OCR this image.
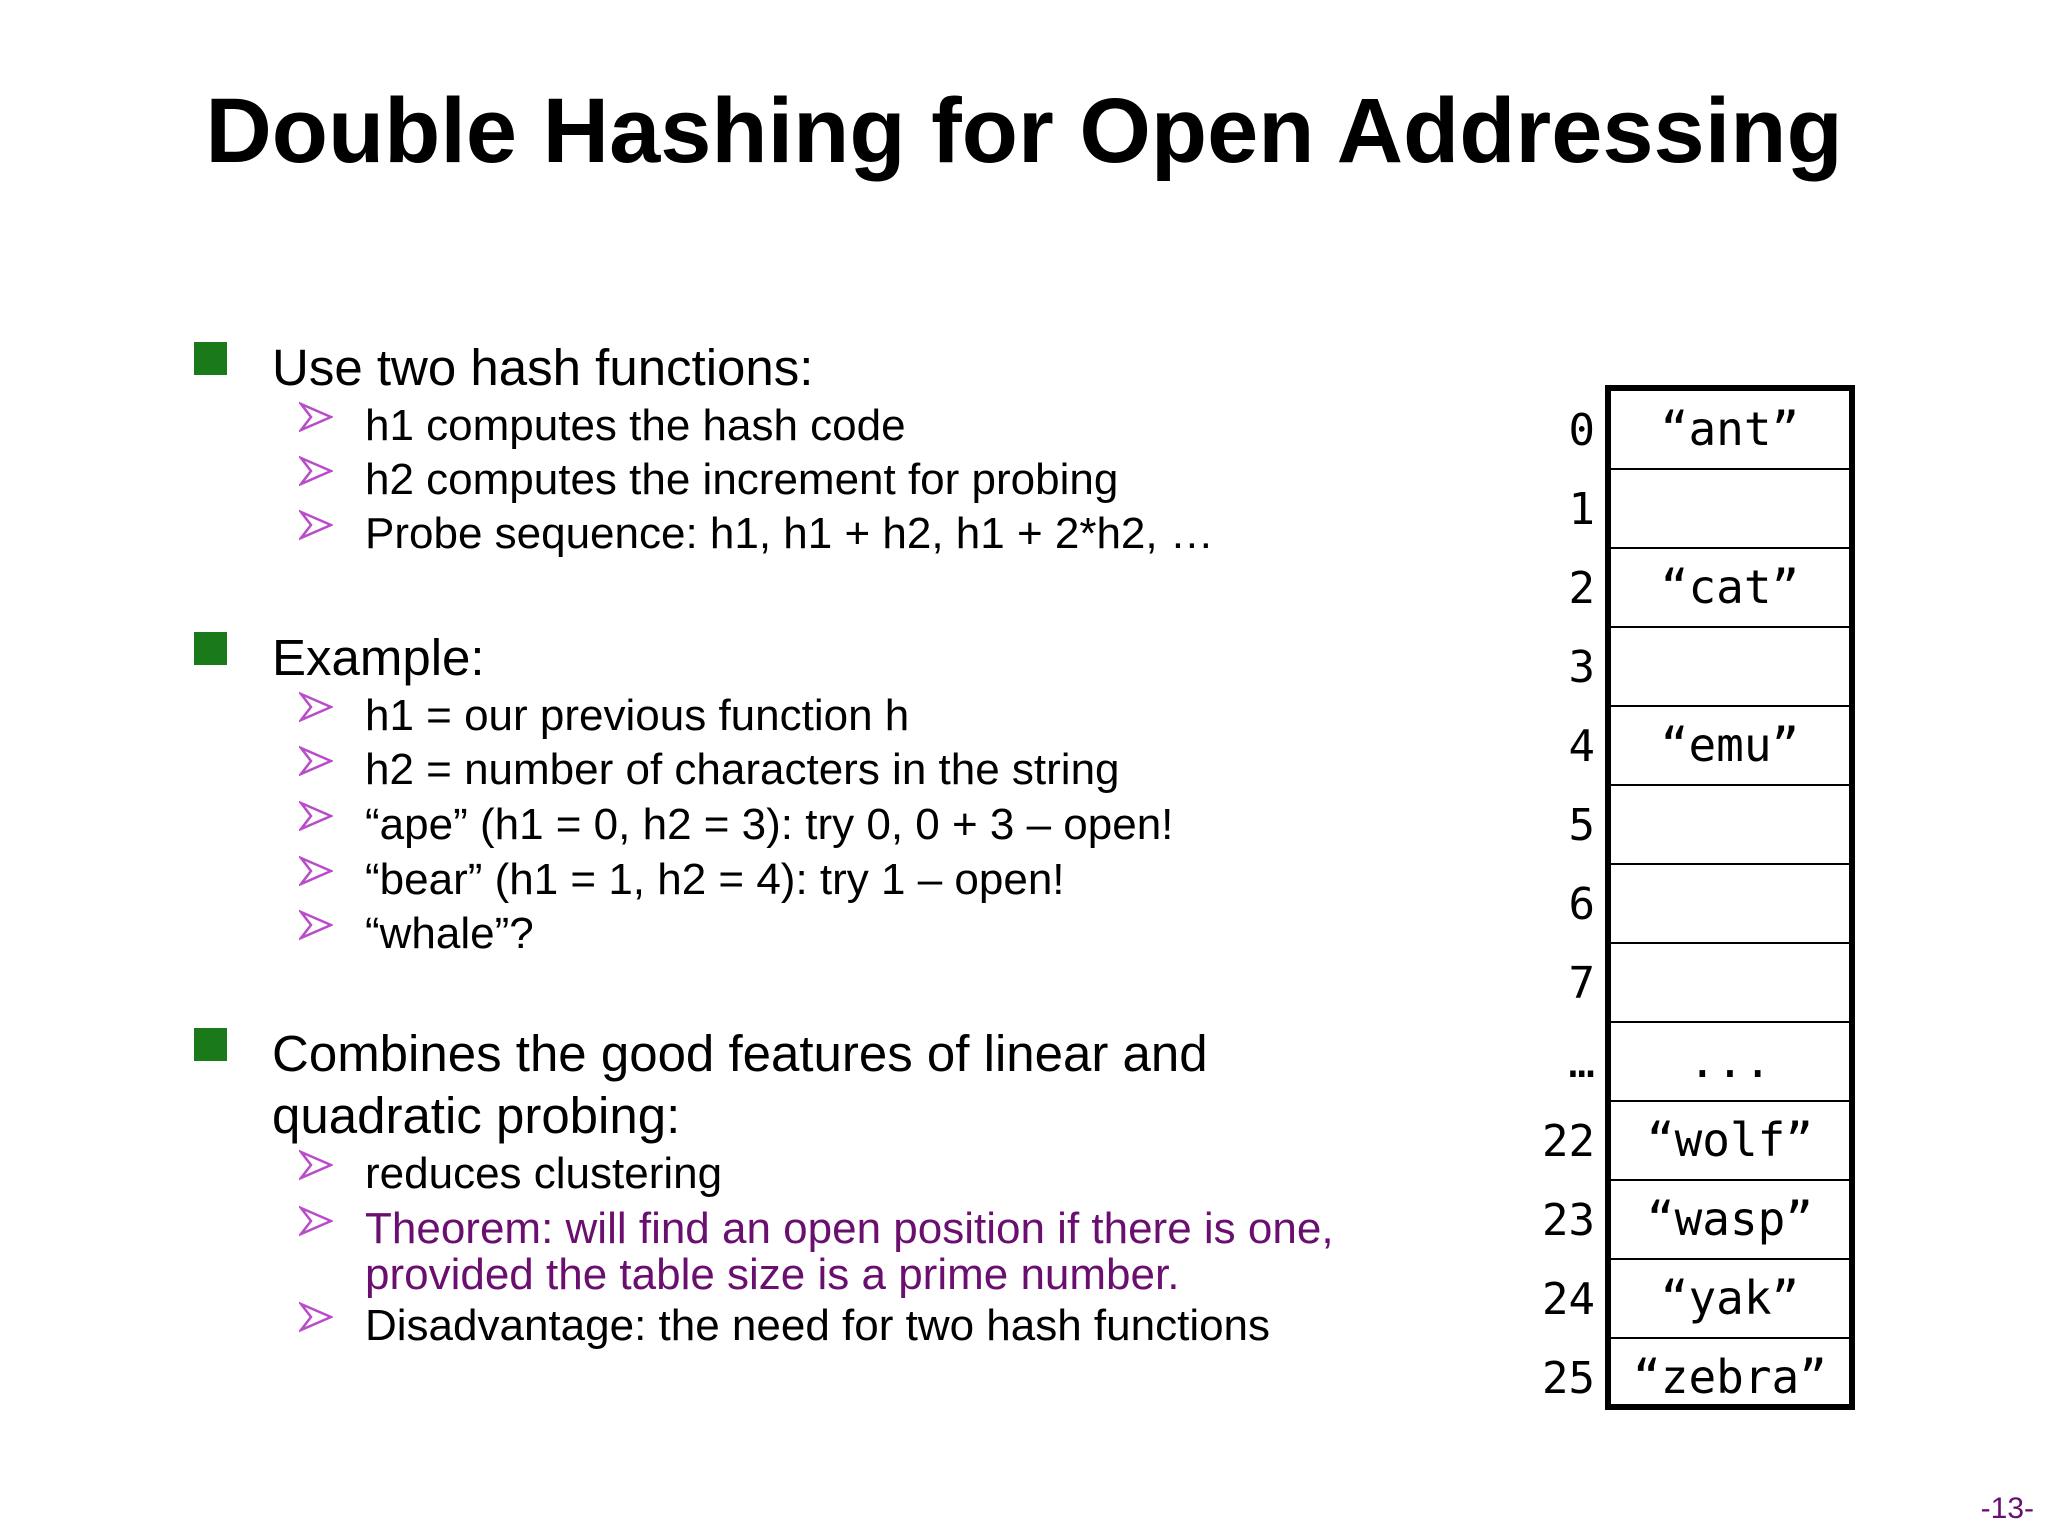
Double Hashing for Open Addressing
Use two hash functions:
h1 computes the hash code
h2 computes the increment for probing
Probe sequence: h1, h1 + h2, h1 + 2*h2, …
Example:
h1 = our previous function h
h2 = number of characters in the string
“ape” (h1 = 0, h2 = 3): try 0, 0 + 3 – open!
“bear” (h1 = 1, h2 = 4): try 1 – open!
“whale”?
Combines the good features of linear and
quadratic probing:
reduces clustering
Theorem: will find an open position if there is one,
provided the table size is a prime number.
Disadvantage: the need for two hash functions
“ant”
“cat”
“emu”
...
“wolf”
“wasp”
“yak”
“zebra”
0
1
2
3
4
5
6
7
…
22
23
24
25
-13-
